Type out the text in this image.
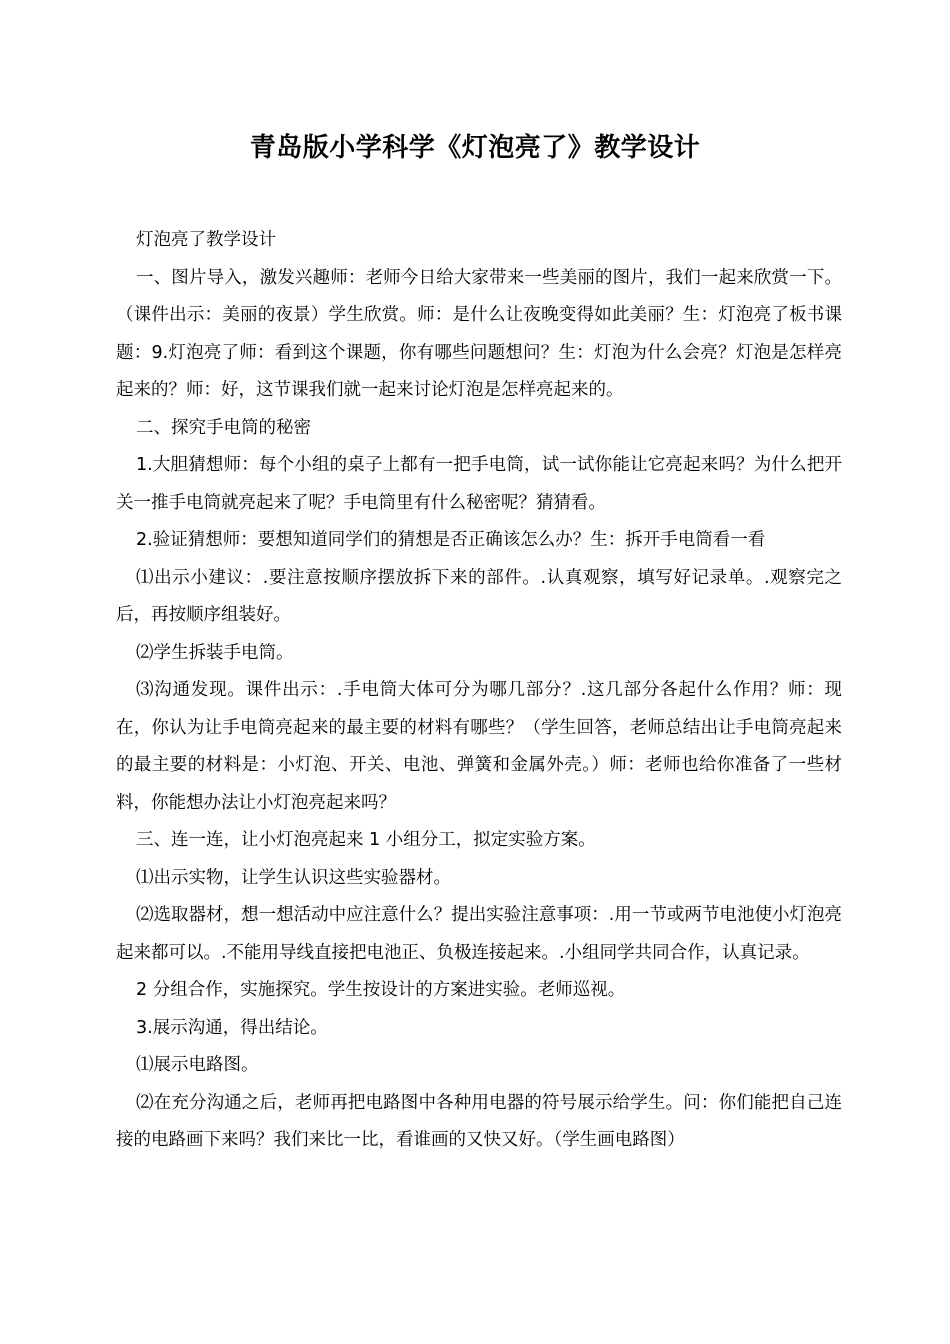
青岛版小学科学《灯泡亮了》教学设计

灯泡亮了教学设计

一、图片导入，激发兴趣师：老师今日给大家带来一些美丽的图片，我们一起来欣赏一下。（课件出示：美丽的夜景）学生欣赏。师：是什么让夜晚变得如此美丽？生：灯泡亮了板书课题：9.灯泡亮了师：看到这个课题，你有哪些问题想问？生：灯泡为什么会亮？灯泡是怎样亮起来的？师：好，这节课我们就一起来讨论灯泡是怎样亮起来的。

二、探究手电筒的秘密

1.大胆猜想师：每个小组的桌子上都有一把手电筒，试一试你能让它亮起来吗？为什么把开关一推手电筒就亮起来了呢？手电筒里有什么秘密呢？猜猜看。

2.验证猜想师：要想知道同学们的猜想是否正确该怎么办？生：拆开手电筒看一看

⑴出示小建议：.要注意按顺序摆放拆下来的部件。.认真观察，填写好记录单。.观察完之后，再按顺序组装好。

⑵学生拆装手电筒。

⑶沟通发现。课件出示：.手电筒大体可分为哪几部分？.这几部分各起什么作用？师：现在，你认为让手电筒亮起来的最主要的材料有哪些？（学生回答，老师总结出让手电筒亮起来的最主要的材料是：小灯泡、开关、电池、弹簧和金属外壳。）师：老师也给你准备了一些材料，你能想办法让小灯泡亮起来吗？

三、连一连，让小灯泡亮起来 1 小组分工，拟定实验方案。

⑴出示实物，让学生认识这些实验器材。

⑵选取器材，想一想活动中应注意什么？提出实验注意事项：.用一节或两节电池使小灯泡亮起来都可以。.不能用导线直接把电池正、负极连接起来。.小组同学共同合作，认真记录。

2 分组合作，实施探究。学生按设计的方案进实验。老师巡视。

3.展示沟通，得出结论。

⑴展示电路图。

⑵在充分沟通之后，老师再把电路图中各种用电器的符号展示给学生。问：你们能把自己连接的电路画下来吗？我们来比一比，看谁画的又快又好。（学生画电路图）
